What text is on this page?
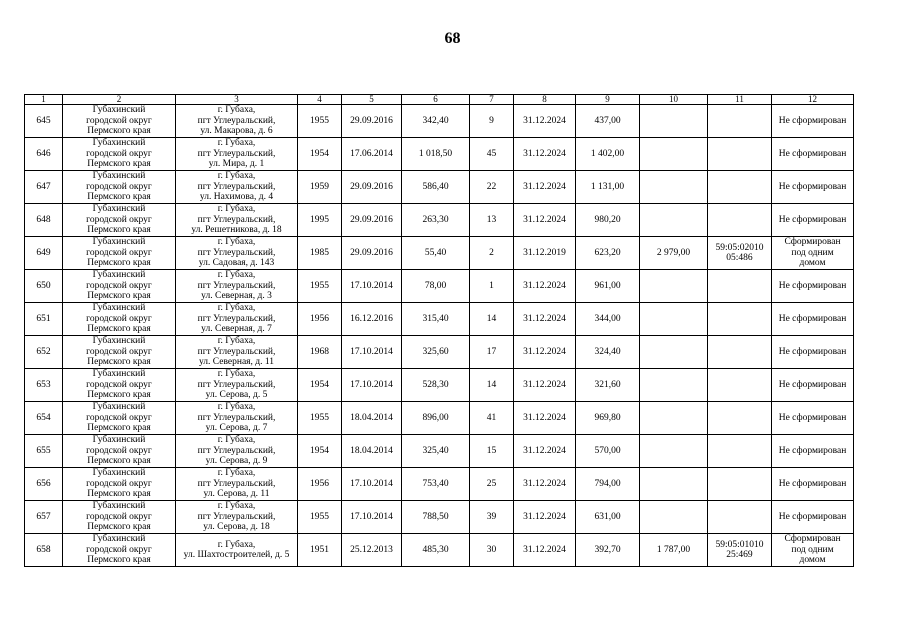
68
1	2	3	4	5	6	7	8	9	10	11	12
645	Губахинский
городской округ
Пермского края	г. Губаха,
пгт Углеуральский,
ул. Макарова, д. 6	1955	29.09.2016	342,40	9	31.12.2024	437,00			Не сформирован
646	Губахинский
городской округ
Пермского края	г. Губаха,
пгт Углеуральский,
ул. Мира, д. 1	1954	17.06.2014	1 018,50	45	31.12.2024	1 402,00			Не сформирован
647	Губахинский
городской округ
Пермского края	г. Губаха,
пгт Углеуральский,
ул. Нахимова, д. 4	1959	29.09.2016	586,40	22	31.12.2024	1 131,00			Не сформирован
648	Губахинский
городской округ
Пермского края	г. Губаха,
пгт Углеуральский,
ул. Решетникова, д. 18	1995	29.09.2016	263,30	13	31.12.2024	980,20			Не сформирован
649	Губахинский
городской округ
Пермского края	г. Губаха,
пгт Углеуральский,
ул. Садовая, д. 143	1985	29.09.2016	55,40	2	31.12.2019	623,20	2 979,00	59:05:02010
05:486	Сформирован
под одним
домом
650	Губахинский
городской округ
Пермского края	г. Губаха,
пгт Углеуральский,
ул. Северная, д. 3	1955	17.10.2014	78,00	1	31.12.2024	961,00			Не сформирован
651	Губахинский
городской округ
Пермского края	г. Губаха,
пгт Углеуральский,
ул. Северная, д. 7	1956	16.12.2016	315,40	14	31.12.2024	344,00			Не сформирован
652	Губахинский
городской округ
Пермского края	г. Губаха,
пгт Углеуральский,
ул. Северная, д. 11	1968	17.10.2014	325,60	17	31.12.2024	324,40			Не сформирован
653	Губахинский
городской округ
Пермского края	г. Губаха,
пгт Углеуральский,
ул. Серова, д. 5	1954	17.10.2014	528,30	14	31.12.2024	321,60			Не сформирован
654	Губахинский
городской округ
Пермского края	г. Губаха,
пгт Углеуральский,
ул. Серова, д. 7	1955	18.04.2014	896,00	41	31.12.2024	969,80			Не сформирован
655	Губахинский
городской округ
Пермского края	г. Губаха,
пгт Углеуральский,
ул. Серова, д. 9	1954	18.04.2014	325,40	15	31.12.2024	570,00			Не сформирован
656	Губахинский
городской округ
Пермского края	г. Губаха,
пгт Углеуральский,
ул. Серова, д. 11	1956	17.10.2014	753,40	25	31.12.2024	794,00			Не сформирован
657	Губахинский
городской округ
Пермского края	г. Губаха,
пгт Углеуральский,
ул. Серова, д. 18	1955	17.10.2014	788,50	39	31.12.2024	631,00			Не сформирован
658	Губахинский
городской округ
Пермского края	г. Губаха,
ул. Шахтостроителей, д. 5	1951	25.12.2013	485,30	30	31.12.2024	392,70	1 787,00	59:05:01010
25:469	Сформирован
под одним
домом
